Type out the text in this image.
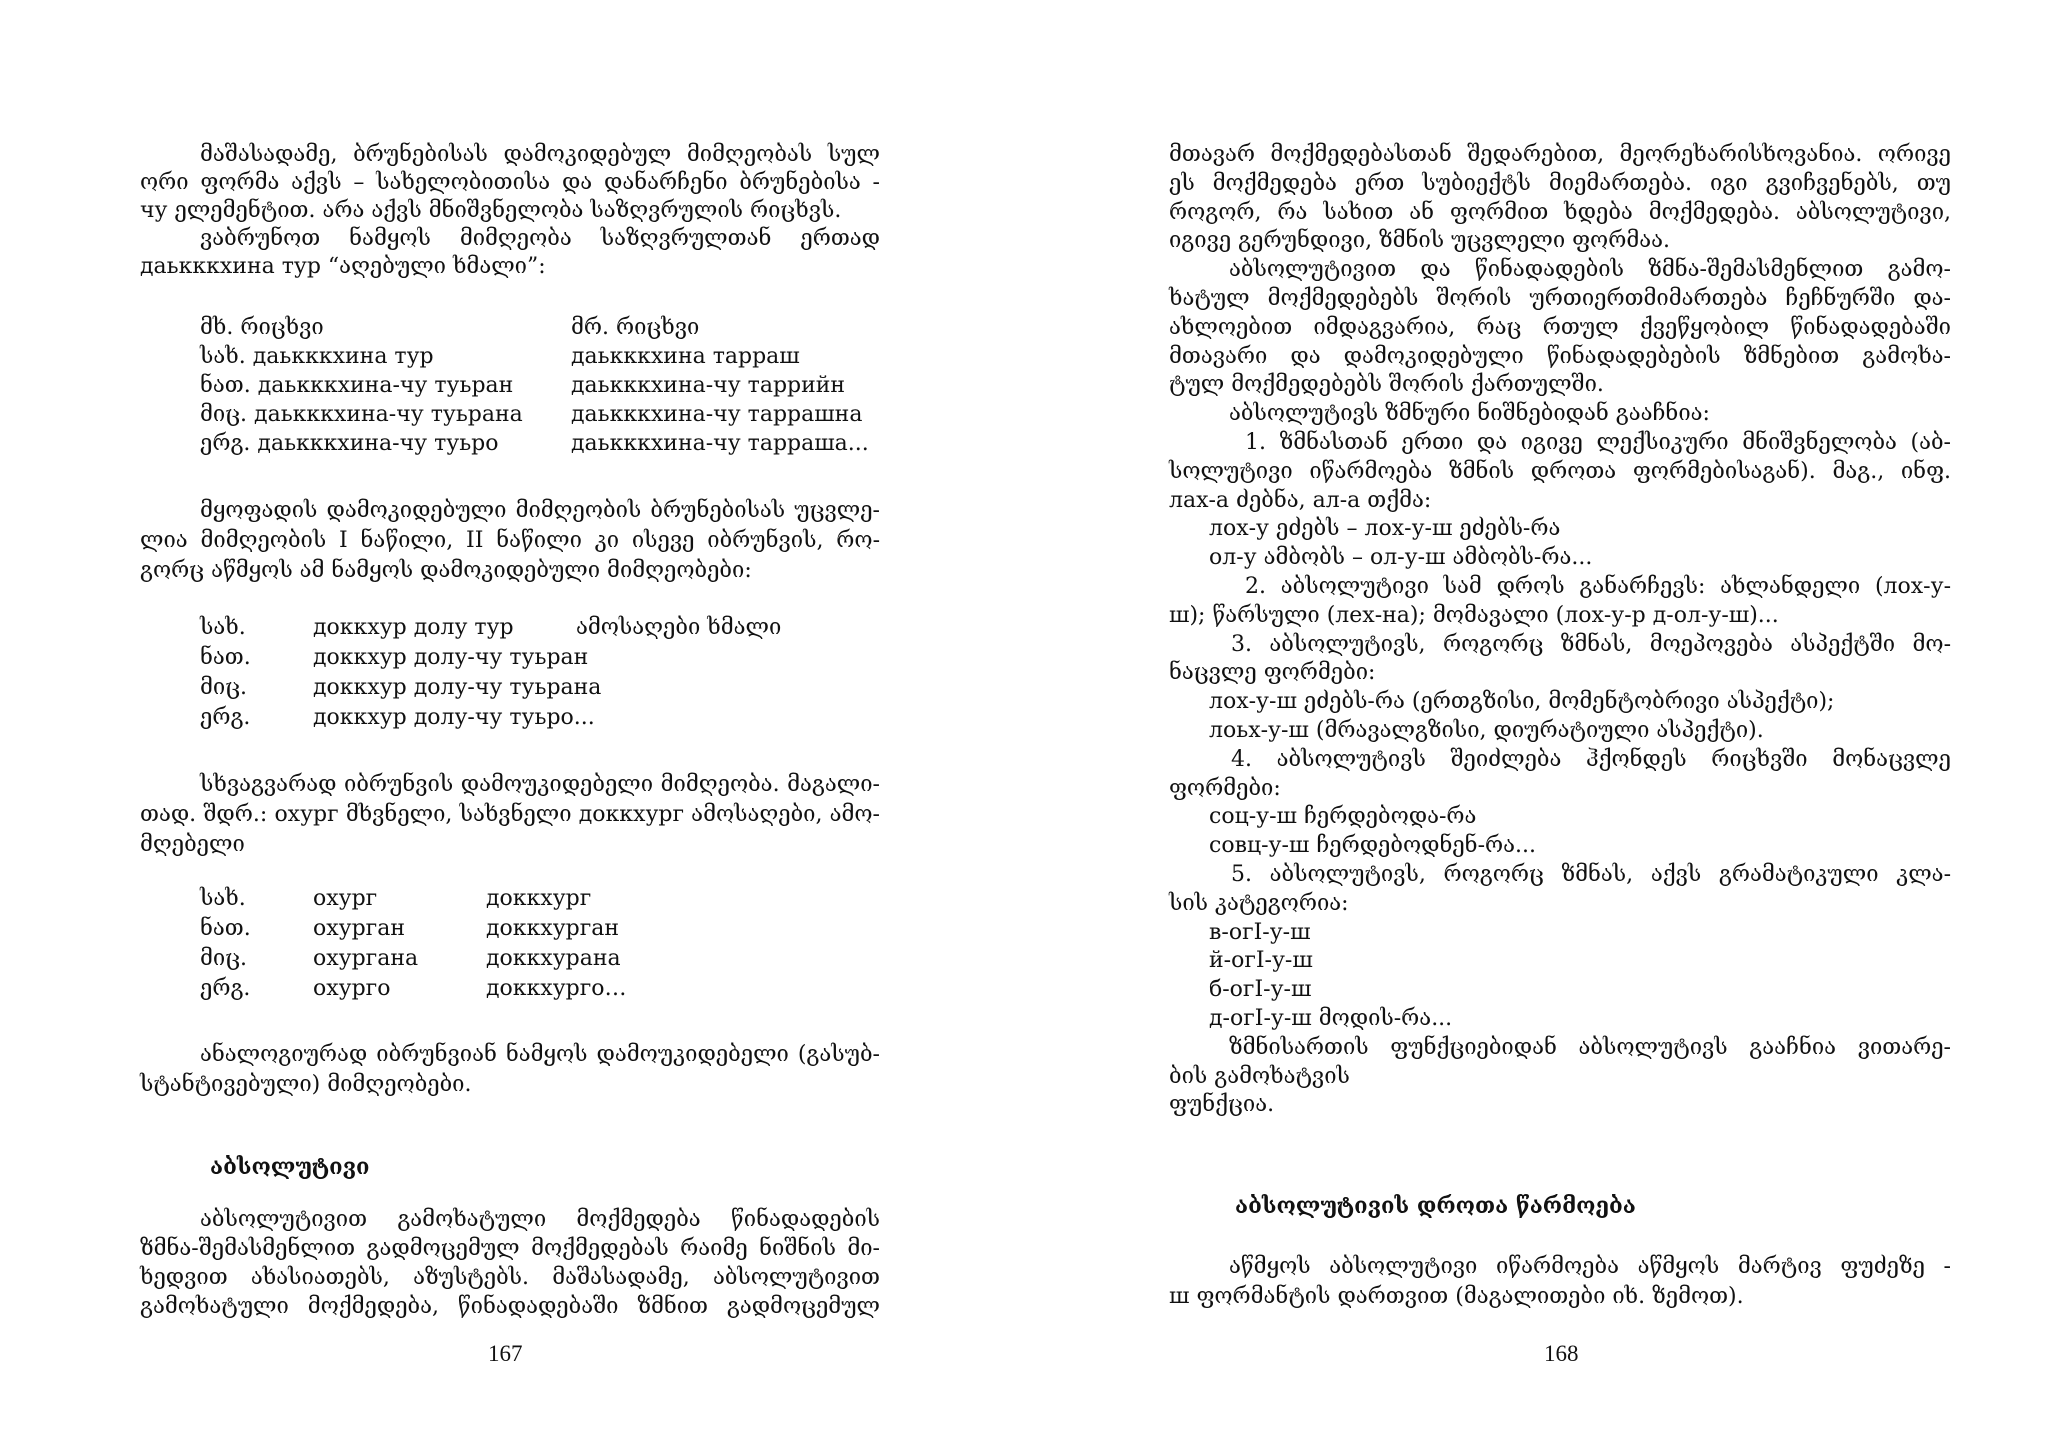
მაშასადამე, ბრუნებისას დამოკიდებულ მიმღეობას სულ
ორი ფორმა აქვს – სახელობითისა და დანარჩენი ბრუნებისა -
чу ელემენტით. არა აქვს მნიშვნელობა საზღვრულის რიცხვს.
ვაბრუნოთ ნამყოს მიმღეობა საზღვრულთან ერთად
дaькккхина тур “აღებული ხმალი”:
მხ. რიცხვი	მრ. რიცხვი
სახ. даькккхина тур	даькккхина тарраш
ნათ. даькккхина-чу туьран	даькккхина-чу таррийн
მიც. даькккхина-чу туьрана	даькккхина-чу таррашна
ერგ. даькккхина-чу туьро	даькккхина-чу тарраша...
მყოფადის დამოკიდებული მიმღეობის ბრუნებისას უცვლე-
ლია მიმღეობის I ნაწილი, II ნაწილი კი ისევე იბრუნვის, რო-
გორც აწმყოს ამ ნამყოს დამოკიდებული მიმღეობები:
სახ.	доккхур долу тур	ამოსაღები ხმალი
ნათ.	доккхур долу-чу туьран
მიც.	доккхур долу-чу туьрана
ერგ.	доккхур долу-чу туьро...
სხვაგვარად იბრუნვის დამოუკიდებელი მიმღეობა. მაგალი-
თად. შდრ.: охург მხვნელი, სახვნელი доккхург ამოსაღები, ამო-
მღებელი
სახ.	охург	доккхург
ნათ.	охурган	доккхурган
მიც.	охургана	доккхурана
ერგ.	охурго	доккхурго…
ანალოგიურად იბრუნვიან ნამყოს დამოუკიდებელი (გასუბ-
სტანტივებული) მიმღეობები.
აბსოლუტივი
აბსოლუტივით გამოხატული მოქმედება წინადადების
ზმნა-შემასმენლით გადმოცემულ მოქმედებას რაიმე ნიშნის მი-
ხედვით ახასიათებს, აზუსტებს. მაშასადამე, აბსოლუტივით
გამოხატული მოქმედება, წინადადებაში ზმნით გადმოცემულ
167
მთავარ მოქმედებასთან შედარებით, მეორეხარისხოვანია. ორივე
ეს მოქმედება ერთ სუბიექტს მიემართება. იგი გვიჩვენებს, თუ
როგორ, რა სახით ან ფორმით ხდება მოქმედება. აბსოლუტივი,
იგივე გერუნდივი, ზმნის უცვლელი ფორმაა.
აბსოლუტივით და წინადადების ზმნა-შემასმენლით გამო-
ხატულ მოქმედებებს შორის ურთიერთმიმართება ჩეჩნურში და-
ახლოებით იმდაგვარია, რაც რთულ ქვეწყობილ წინადადებაში
მთავარი და დამოკიდებული წინადადებების ზმნებით გამოხა-
ტულ მოქმედებებს შორის ქართულში.
აბსოლუტივს ზმნური ნიშნებიდან გააჩნია:
1. ზმნასთან ერთი და იგივე ლექსიკური მნიშვნელობა (აბ-
სოლუტივი იწარმოება ზმნის დროთა ფორმებისაგან). მაგ., ინფ.
лах-а ძებნა, ал-а თქმა:
лох-у ეძებს – лох-у-ш ეძებს-რა
ол-у ამბობს – ол-у-ш ამბობს-რა...
2. აბსოლუტივი სამ დროს განარჩევს: ახლანდელი (лох-у-
ш); წარსული (лех-на); მომავალი (лох-у-р д-ол-у-ш)...
3. აბსოლუტივს, როგორც ზმნას, მოეპოვება ასპექტში მო-
ნაცვლე ფორმები:
лох-у-ш ეძებს-რა (ერთგზისი, მომენტობრივი ასპექტი);
лоьх-у-ш (მრავალგზისი, დიურატიული ასპექტი).
4. აბსოლუტივს შეიძლება ჰქონდეს რიცხვში მონაცვლე
ფორმები:
соц-у-ш ჩერდებოდა-რა
совц-у-ш ჩერდებოდნენ-რა...
5. აბსოლუტივს, როგორც ზმნას, აქვს გრამატიკული კლა-
სის კატეგორია:
в-огI-у-ш
й-огI-у-ш
б-огI-у-ш
д-огI-у-ш მოდის-რა...
ზმნისართის ფუნქციებიდან აბსოლუტივს გააჩნია ვითარე-
ბის გამოხატვის
ფუნქცია.
აბსოლუტივის დროთა წარმოება
აწმყოს აბსოლუტივი იწარმოება აწმყოს მარტივ ფუძეზე -
ш ფორმანტის დართვით (მაგალითები იხ. ზემოთ).
168
